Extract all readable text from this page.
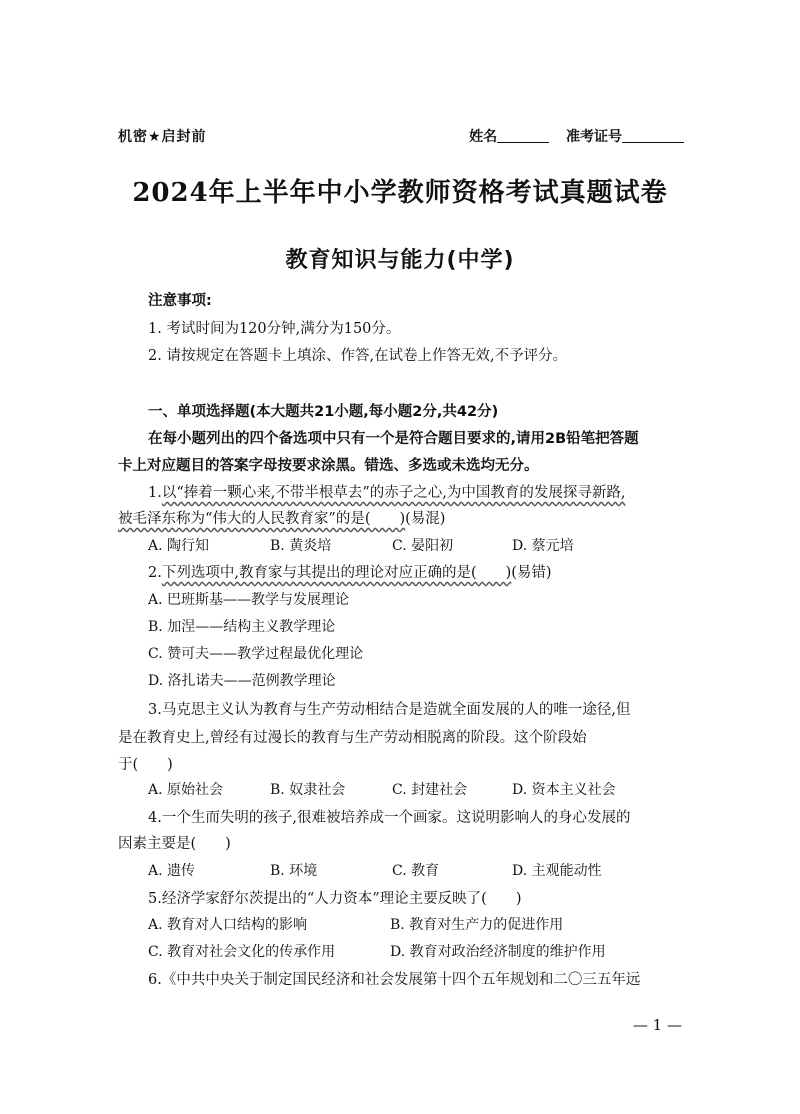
机密★启封前	姓名	准考证号
2024年上半年中小学教师资格考试真题试卷
教育知识与能力(中学)
注意事项:
1. 考试时间为120分钟,满分为150分。
2. 请按规定在答题卡上填涂、作答,在试卷上作答无效,不予评分。
一、单项选择题(本大题共21小题,每小题2分,共42分)
在每小题列出的四个备选项中只有一个是符合题目要求的,请用2B铅笔把答题
卡上对应题目的答案字母按要求涂黑。错选、多选或未选均无分。
1.以“捧着一颗心来,不带半根草去”的赤子之心,为中国教育的发展探寻新路,
被毛泽东称为“伟大的人民教育家”的是(　　)(易混)
A. 陶行知	B. 黄炎培	C. 晏阳初	D. 蔡元培
2.下列选项中,教育家与其提出的理论对应正确的是(　　)(易错)
A. 巴班斯基——教学与发展理论
B. 加涅——结构主义教学理论
C. 赞可夫——教学过程最优化理论
D. 洛扎诺夫——范例教学理论
3.马克思主义认为教育与生产劳动相结合是造就全面发展的人的唯一途径,但
是在教育史上,曾经有过漫长的教育与生产劳动相脱离的阶段。这个阶段始
于(　　)
A. 原始社会	B. 奴隶社会	C. 封建社会	D. 资本主义社会
4.一个生而失明的孩子,很难被培养成一个画家。这说明影响人的身心发展的
因素主要是(　　)
A. 遗传	B. 环境	C. 教育	D. 主观能动性
5.经济学家舒尔茨提出的“人力资本”理论主要反映了(　　)
A. 教育对人口结构的影响	B. 教育对生产力的促进作用
C. 教育对社会文化的传承作用	D. 教育对政治经济制度的维护作用
6.《中共中央关于制定国民经济和社会发展第十四个五年规划和二〇三五年远
— 1 —
